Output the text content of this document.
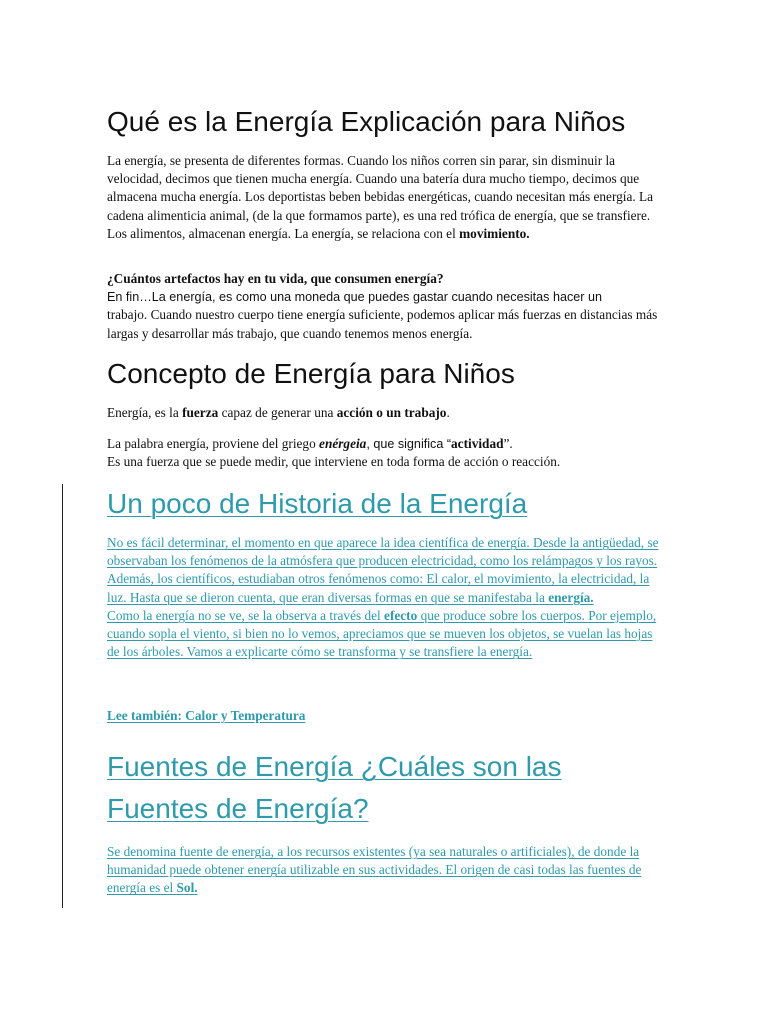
Qué es la Energía Explicación para Niños

La energía, se presenta de diferentes formas. Cuando los niños corren sin parar, sin disminuir la velocidad, decimos que tienen mucha energía. Cuando una batería dura mucho tiempo, decimos que almacena mucha energía. Los deportistas beben bebidas energéticas, cuando necesitan más energía. La cadena alimenticia animal, (de la que formamos parte), es una red trófica de energía, que se transfiere. Los alimentos, almacenan energía. La energía, se relaciona con el movimiento.

¿Cuántos artefactos hay en tu vida, que consumen energía?
En fin…La energía, es como una moneda que puedes gastar cuando necesitas hacer un
trabajo. Cuando nuestro cuerpo tiene energía suficiente, podemos aplicar más fuerzas en distancias más largas y desarrollar más trabajo, que cuando tenemos menos energía.

Concepto de Energía para Niños

Energía, es la fuerza capaz de generar una acción o un trabajo.

La palabra energía, proviene del griego enérgeia, que significa “actividad”.
Es una fuerza que se puede medir, que interviene en toda forma de acción o reacción.

Un poco de Historia de la Energía

No es fácil determinar, el momento en que aparece la idea científica de energía. Desde la antigüedad, se observaban los fenómenos de la atmósfera que producen electricidad, como los relámpagos y los rayos. Además, los científicos, estudiaban otros fenómenos como: El calor, el movimiento, la electricidad, la luz. Hasta que se dieron cuenta, que eran diversas formas en que se manifestaba la energía.
Como la energía no se ve, se la observa a través del efecto que produce sobre los cuerpos. Por ejemplo, cuando sopla el viento, si bien no lo vemos, apreciamos que se mueven los objetos, se vuelan las hojas de los árboles. Vamos a explicarte cómo se transforma y se transfiere la energía.

Lee también: Calor y Temperatura

Fuentes de Energía ¿Cuáles son las Fuentes de Energía?

Se denomina fuente de energía, a los recursos existentes (ya sea naturales o artificiales), de donde la humanidad puede obtener energía utilizable en sus actividades. El origen de casi todas las fuentes de energía es el Sol.
